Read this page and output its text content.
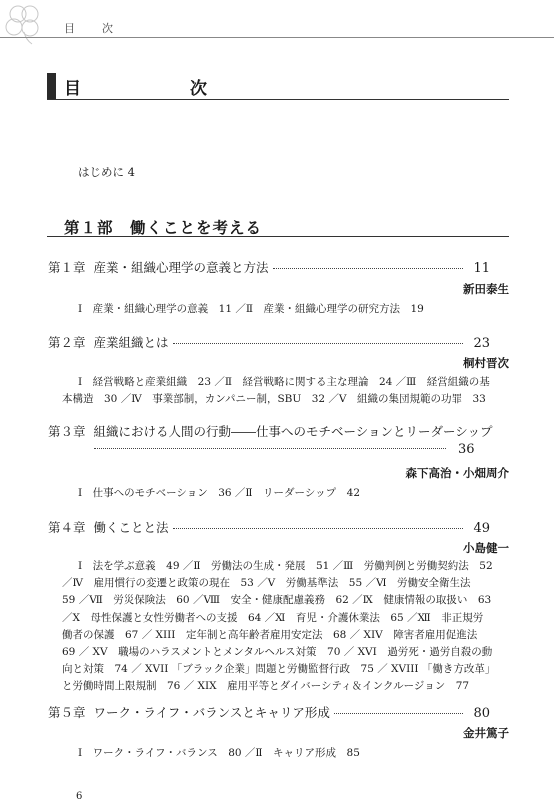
目　次
目　次
はじめに 4
第１部　働くことを考える
第１章 産業・組織心理学の意義と方法	11
新田泰生
Ⅰ　産業・組織心理学の意義　11 ／Ⅱ　産業・組織心理学の研究方法　19
第２章 産業組織とは	23
桐村晋次
Ⅰ　経営戦略と産業組織　23 ／Ⅱ　経営戦略に関する主な理論　24 ／Ⅲ　経営組織の基
本構造　30 ／Ⅳ　事業部制，カンパニー制，SBU　32 ／Ⅴ　組織の集団規範の功罪　33
第３章 組織における人間の行動――仕事へのモチベーションとリーダーシップ
36
森下高治・小畑周介
Ⅰ　仕事へのモチベーション　36 ／Ⅱ　リーダーシップ　42
第４章 働くことと法	49
小島健一
Ⅰ　法を学ぶ意義　49 ／Ⅱ　労働法の生成・発展　51 ／Ⅲ　労働判例と労働契約法　52
／Ⅳ　雇用慣行の変遷と政策の現在　53 ／Ⅴ　労働基準法　55 ／Ⅵ　労働安全衛生法
59 ／Ⅶ　労災保険法　60 ／Ⅷ　安全・健康配慮義務　62 ／Ⅸ　健康情報の取扱い　63
／Ⅹ　母性保護と女性労働者への支援　64 ／Ⅺ　育児・介護休業法　65 ／Ⅻ　非正規労
働者の保護　67 ／ XIII　定年制と高年齢者雇用安定法　68 ／ XIV　障害者雇用促進法
69 ／ XV　職場のハラスメントとメンタルヘルス対策　70 ／ XVI　過労死・過労自殺の動
向と対策　74 ／ XVII 「ブラック企業」問題と労働監督行政　75 ／ XVIII 「働き方改革」
と労働時間上限規制　76 ／ XIX　雇用平等とダイバーシティ＆インクルージョン　77
第５章 ワーク・ライフ・バランスとキャリア形成	80
金井篤子
Ⅰ　ワーク・ライフ・バランス　80 ／Ⅱ　キャリア形成　85
6
